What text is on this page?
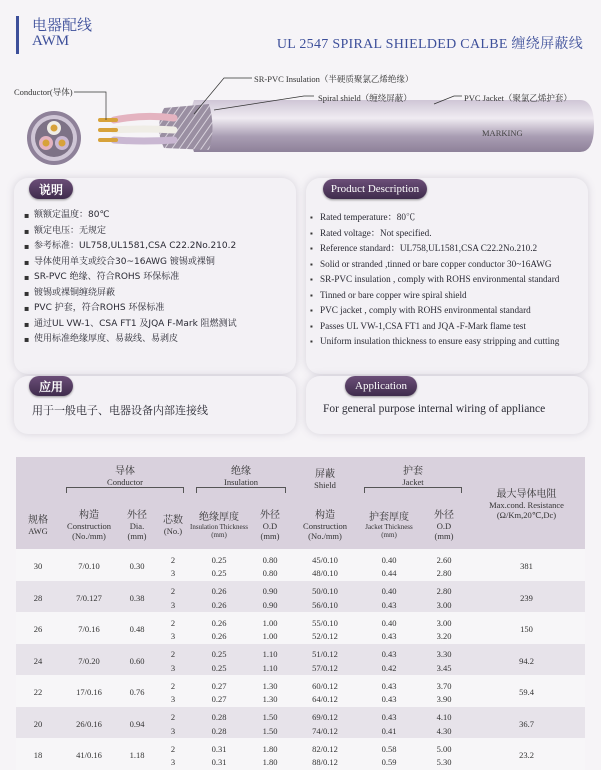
电器配线
AWM	UL 2547 SPIRAL SHIELDED CALBE 缠绕屏蔽线
Conductor(导体)
SR-PVC Insulation（半硬质聚氯乙烯绝缘）
Spiral shield（缠绕屏蔽）	PVC Jacket（聚氯乙烯护套）
MARKING
说明
▪ 额额定温度：80℃
▪ 额定电压：无规定
▪ 参考标准：UL758,UL1581,CSA C22.2No.210.2
▪ 导体使用单支或绞合30~16AWG 镀锡或裸铜
▪ SR-PVC 绝缘、符合ROHS 环保标准
▪ 镀锡或裸铜缠绕屏蔽
▪ PVC 护套，符合ROHS 环保标准
▪ 通过UL VW-1、CSA FT1 及JQA F-Mark 阻燃测试
▪ 使用标准绝缘厚度、易裁线、易剥皮
Product Description
▪ Rated temperature：80℃
▪ Rated voltage：Not specified.
▪ Reference standard：UL758,UL1581,CSA C22.2No.210.2
▪ Solid or stranded ,tinned or bare copper conductor 30~16AWG
▪ SR-PVC insulation , comply with ROHS environmental standard
▪ Tinned or bare copper wire spiral shield
▪ PVC jacket , comply with ROHS environmental standard
▪ Passes UL VW-1,CSA FT1 and JQA -F-Mark flame test
▪ Uniform insulation thickness to ensure easy stripping and cutting
应用
用于一般电子、电器设备内部连接线
Application
For general purpose internal wiring of appliance

	导体
Conductor			绝缘
Insulation		屏蔽
Shield	护套
Jacket		最大导体电阻
Max.cond. Resistance
(Ω/Km,20℃,Dc)

规格
AWG	构造
Construction
(No./mm)	外径
Dia.
(mm)	芯数
(No.)	绝缘厚度
Insulation Thickness
(mm)	外径
O.D
(mm)	构造
Construction
(No./mm)	护套厚度
Jacket Thickness
(mm)	外径
O.D
(mm)	

30	7/0.10	0.30	2	0.25	0.80	45/0.10	0.40	2.60	381
			3	0.25	0.80	48/0.10	0.44	2.80	

28	7/0.127	0.38	2	0.26	0.90	50/0.10	0.40	2.80	239
			3	0.26	0.90	56/0.10	0.43	3.00	

26	7/0.16	0.48	2	0.26	1.00	55/0.10	0.40	3.00	150
			3	0.26	1.00	52/0.12	0.43	3.20	

24	7/0.20	0.60	2	0.25	1.10	51/0.12	0.43	3.30	94.2
			3	0.25	1.10	57/0.12	0.42	3.45	

22	17/0.16	0.76	2	0.27	1.30	60/0.12	0.43	3.70	59.4
			3	0.27	1.30	64/0.12	0.43	3.90	

20	26/0.16	0.94	2	0.28	1.50	69/0.12	0.43	4.10	36.7
			3	0.28	1.50	74/0.12	0.41	4.30	

18	41/0.16	1.18	2	0.31	1.80	82/0.12	0.58	5.00	23.2
			3	0.31	1.80	88/0.12	0.59	5.30	
